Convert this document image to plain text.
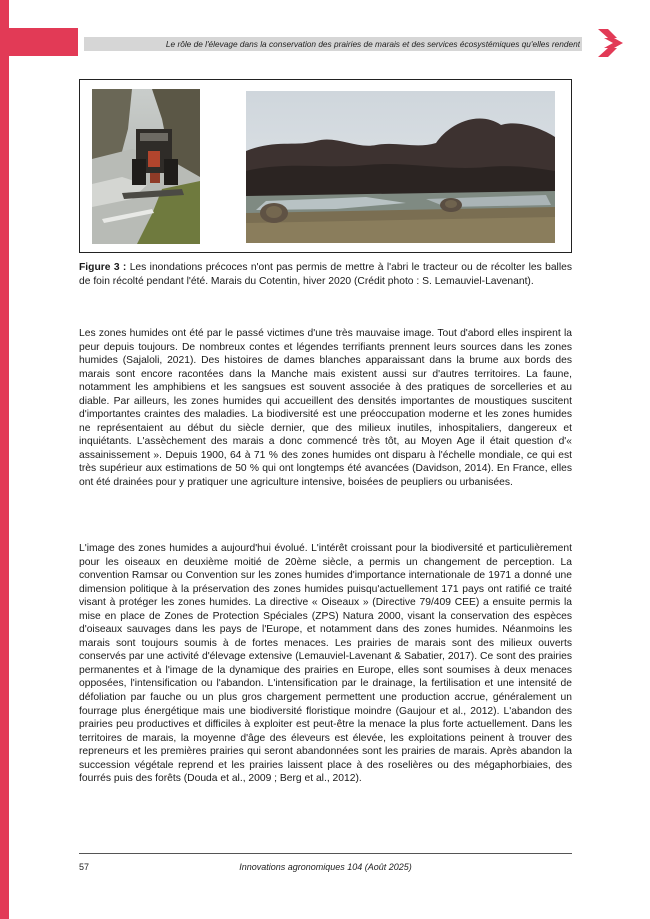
Le rôle de l'élevage dans la conservation des prairies de marais et des services écosystémiques qu'elles rendent

Figure 3 : Les inondations précoces n'ont pas permis de mettre à l'abri le tracteur ou de récolter les balles de foin récolté pendant l'été. Marais du Cotentin, hiver 2020 (Crédit photo : S. Lemauviel-Lavenant).

Les zones humides ont été par le passé victimes d'une très mauvaise image. Tout d'abord elles inspirent la peur depuis toujours. De nombreux contes et légendes terrifiants prennent leurs sources dans les zones humides (Sajaloli, 2021). Des histoires de dames blanches apparaissant dans la brume aux bords des marais sont encore racontées dans la Manche mais existent aussi sur d'autres territoires. La faune, notamment les amphibiens et les sangsues est souvent associée à des pratiques de sorcelleries et au diable. Par ailleurs, les zones humides qui accueillent des densités importantes de moustiques suscitent d'importantes craintes des maladies. La biodiversité est une préoccupation moderne et les zones humides ne représentaient au début du siècle dernier, que des milieux inutiles, inhospitaliers, dangereux et inquiétants. L'assèchement des marais a donc commencé très tôt, au Moyen Age il était question d'« assainissement ». Depuis 1900, 64 à 71 % des zones humides ont disparu à l'échelle mondiale, ce qui est très supérieur aux estimations de 50 % qui ont longtemps été avancées (Davidson, 2014). En France, elles ont été drainées pour y pratiquer une agriculture intensive, boisées de peupliers ou urbanisées.

L'image des zones humides a aujourd'hui évolué. L'intérêt croissant pour la biodiversité et particulièrement pour les oiseaux en deuxième moitié de 20ème siècle, a permis un changement de perception. La convention Ramsar ou Convention sur les zones humides d'importance internationale de 1971 a donné une dimension politique à la préservation des zones humides puisqu'actuellement 171 pays ont ratifié ce traité visant à protéger les zones humides. La directive « Oiseaux » (Directive 79/409 CEE) a ensuite permis la mise en place de Zones de Protection Spéciales (ZPS) Natura 2000, visant la conservation des espèces d'oiseaux sauvages dans les pays de l'Europe, et notamment dans des zones humides. Néanmoins les marais sont toujours soumis à de fortes menaces. Les prairies de marais sont des milieux ouverts conservés par une activité d'élevage extensive (Lemauviel-Lavenant & Sabatier, 2017). Ce sont des prairies permanentes et à l'image de la dynamique des prairies en Europe, elles sont soumises à deux menaces opposées, l'intensification ou l'abandon. L'intensification par le drainage, la fertilisation et une intensité de défoliation par fauche ou un plus gros chargement permettent une production accrue, généralement un fourrage plus énergétique mais une biodiversité floristique moindre (Gaujour et al., 2012). L'abandon des prairies peu productives et difficiles à exploiter est peut-être la menace la plus forte actuellement. Dans les territoires de marais, la moyenne d'âge des éleveurs est élevée, les exploitations peinent à trouver des repreneurs et les premières prairies qui seront abandonnées sont les prairies de marais. Après abandon la succession végétale reprend et les prairies laissent place à des roselières ou des mégaphorbiaies, des fourrés puis des forêts (Douda et al., 2009 ; Berg et al., 2012).

57	Innovations agronomiques 104 (Août 2025)
